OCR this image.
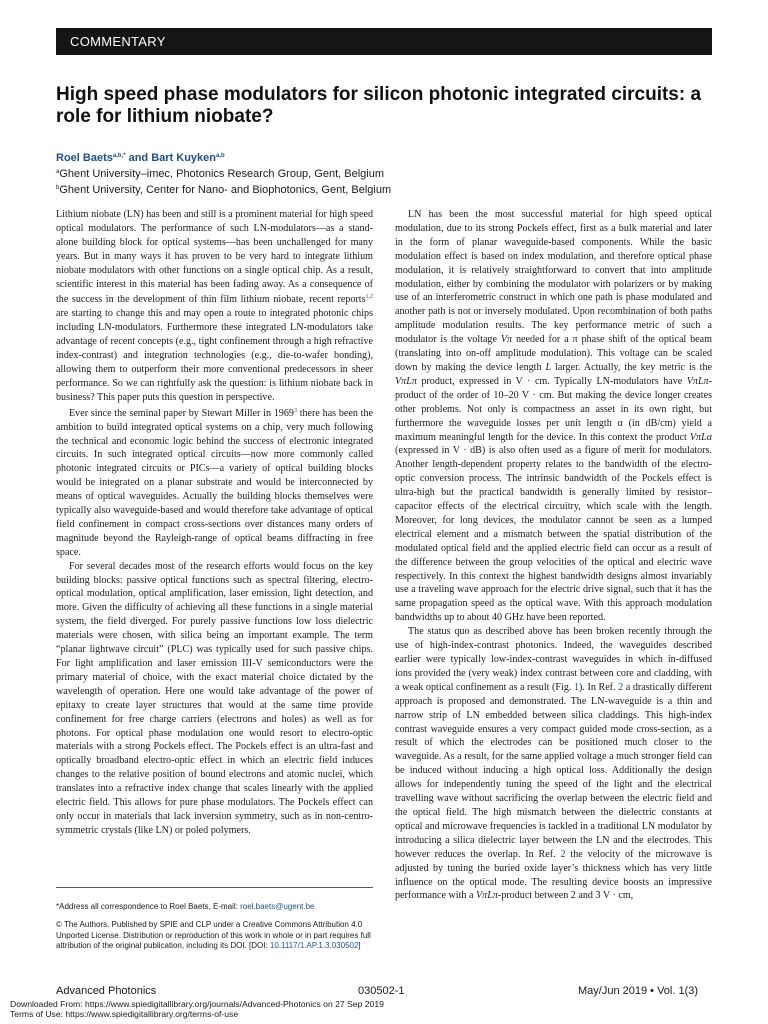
COMMENTARY
High speed phase modulators for silicon photonic integrated circuits: a role for lithium niobate?
Roel Baets$^{a,b,*}$ and Bart Kuyken$^{a,b}$
$^a$Ghent University–imec, Photonics Research Group, Gent, Belgium
$^b$Ghent University, Center for Nano- and Biophotonics, Gent, Belgium

Lithium niobate (LN) has been and still is a prominent material for high speed optical modulators. The performance of such LN-modulators—as a stand-alone building block for optical systems—has been unchallenged for many years. But in many ways it has proven to be very hard to integrate lithium niobate modulators with other functions on a single optical chip. As a result, scientific interest in this material has been fading away. As a consequence of the success in the development of thin film lithium niobate, recent reports$^{1,2}$ are starting to change this and may open a route to integrated photonic chips including LN-modulators. Furthermore these integrated LN-modulators take advantage of recent concepts (e.g., tight confinement through a high refractive index-contrast) and integration technologies (e.g., die-to-wafer bonding), allowing them to outperform their more conventional predecessors in sheer performance. So we can rightfully ask the question: is lithium niobate back in business? This paper puts this question in perspective.

Ever since the seminal paper by Stewart Miller in 1969$^3$ there has been the ambition to build integrated optical systems on a chip, very much following the technical and economic logic behind the success of electronic integrated circuits. In such integrated optical circuits—now more commonly called photonic integrated circuits or PICs—a variety of optical building blocks would be integrated on a planar substrate and would be interconnected by means of optical waveguides. Actually the building blocks themselves were typically also waveguide-based and would therefore take advantage of optical field confinement in compact cross-sections over distances many orders of magnitude beyond the Rayleigh-range of optical beams diffracting in free space.

For several decades most of the research efforts would focus on the key building blocks: passive optical functions such as spectral filtering, electro-optical modulation, optical amplification, laser emission, light detection, and more. Given the difficulty of achieving all these functions in a single material system, the field diverged. For purely passive functions low loss dielectric materials were chosen, with silica being an important example. The term “planar lightwave circuit” (PLC) was typically used for such passive chips. For light amplification and laser emission III-V semiconductors were the primary material of choice, with the exact material choice dictated by the wavelength of operation. Here one would take advantage of the power of epitaxy to create layer structures that would at the same time provide confinement for free charge carriers (electrons and holes) as well as for photons. For optical phase modulation one would resort to electro-optic materials with a strong Pockels effect. The Pockels effect is an ultra-fast and optically broadband electro-optic effect in which an electric field induces changes to the relative position of bound electrons and atomic nuclei, which translates into a refractive index change that scales linearly with the applied electric field. This allows for pure phase modulators. The Pockels effect can only occur in materials that lack inversion symmetry, such as in non-centro-symmetric crystals (like LN) or poled polymers.

LN has been the most successful material for high speed optical modulation, due to its strong Pockels effect, first as a bulk material and later in the form of planar waveguide-based components. While the basic modulation effect is based on index modulation, and therefore optical phase modulation, it is relatively straightforward to convert that into amplitude modulation, either by combining the modulator with polarizers or by making use of an interferometric construct in which one path is phase modulated and another path is not or inversely modulated. Upon recombination of both paths amplitude modulation results. The key performance metric of such a modulator is the voltage Vπ needed for a π phase shift of the optical beam (translating into on-off amplitude modulation). This voltage can be scaled down by making the device length L larger. Actually, the key metric is the VπLπ product, expressed in V · cm. Typically LN-modulators have VπLπ-product of the order of 10–20 V · cm. But making the device longer creates other problems. Not only is compactness an asset in its own right, but furthermore the waveguide losses per unit length α (in dB/cm) yield a maximum meaningful length for the device. In this context the product VπLα (expressed in V · dB) is also often used as a figure of merit for modulators. Another length-dependent property relates to the bandwidth of the electro-optic conversion process. The intrinsic bandwidth of the Pockels effect is ultra-high but the practical bandwidth is generally limited by resistor–capacitor effects of the electrical circuitry, which scale with the length. Moreover, for long devices, the modulator cannot be seen as a lumped electrical element and a mismatch between the spatial distribution of the modulated optical field and the applied electric field can occur as a result of the difference between the group velocities of the optical and electric wave respectively. In this context the highest bandwidth designs almost invariably use a traveling wave approach for the electric drive signal, such that it has the same propagation speed as the optical wave. With this approach modulation bandwidths up to about 40 GHz have been reported.

The status quo as described above has been broken recently through the use of high-index-contrast photonics. Indeed, the waveguides described earlier were typically low-index-contrast waveguides in which in-diffused ions provided the (very weak) index contrast between core and cladding, with a weak optical confinement as a result (Fig. 1). In Ref. 2 a drastically different approach is proposed and demonstrated. The LN-waveguide is a thin and narrow strip of LN embedded between silica claddings. This high-index contrast waveguide ensures a very compact guided mode cross-section, as a result of which the electrodes can be positioned much closer to the waveguide. As a result, for the same applied voltage a much stronger field can be induced without inducing a high optical loss. Additionally the design allows for independently tuning the speed of the light and the electrical travelling wave without sacrificing the overlap between the electric field and the optical field. The high mismatch between the dielectric constants at optical and microwave frequencies is tackled in a traditional LN modulator by introducing a silica dielectric layer between the LN and the electrodes. This however reduces the overlap. In Ref. 2 the velocity of the microwave is adjusted by tuning the buried oxide layer’s thickness which has very little influence on the optical mode. The resulting device boosts an impressive performance with a VπLπ-product between 2 and 3 V · cm,

*Address all correspondence to Roel Baets, E-mail: roel.baets@ugent.be
© The Authors. Published by SPIE and CLP under a Creative Commons Attribution 4.0 Unported License. Distribution or reproduction of this work in whole or in part requires full attribution of the original publication, including its DOI. [DOI: 10.1117/1.AP.1.3.030502]
Advanced Photonics	030502-1	May/Jun 2019 • Vol. 1(3)
Downloaded From: https://www.spiedigitallibrary.org/journals/Advanced-Photonics on 27 Sep 2019
Terms of Use: https://www.spiedigitallibrary.org/terms-of-use
